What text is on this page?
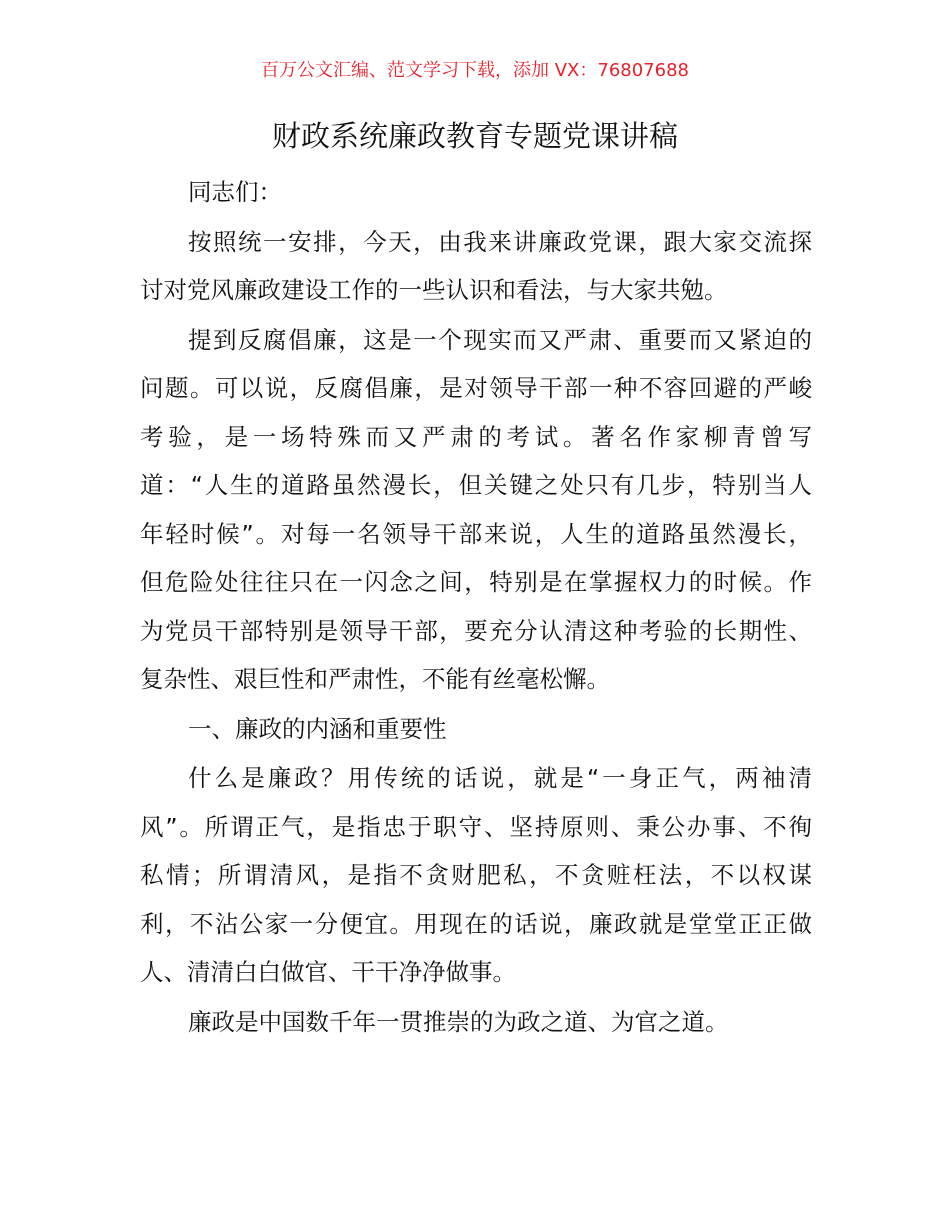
百万公文汇编、范文学习下载，添加 VX：76807688
财政系统廉政教育专题党课讲稿
同志们：
按照统一安排，今天，由我来讲廉政党课，跟大家交流探
讨对党风廉政建设工作的一些认识和看法，与大家共勉。
提到反腐倡廉，这是一个现实而又严肃、重要而又紧迫的
问题。可以说，反腐倡廉，是对领导干部一种不容回避的严峻
考验，是一场特殊而又严肃的考试。著名作家柳青曾写
道：“人生的道路虽然漫长，但关键之处只有几步，特别当人
年轻时候”。对每一名领导干部来说，人生的道路虽然漫长，
但危险处往往只在一闪念之间，特别是在掌握权力的时候。作
为党员干部特别是领导干部，要充分认清这种考验的长期性、
复杂性、艰巨性和严肃性，不能有丝毫松懈。
一、廉政的内涵和重要性
什么是廉政？用传统的话说，就是“一身正气，两袖清
风”。所谓正气，是指忠于职守、坚持原则、秉公办事、不徇
私情；所谓清风，是指不贪财肥私，不贪赃枉法，不以权谋
利，不沾公家一分便宜。用现在的话说，廉政就是堂堂正正做
人、清清白白做官、干干净净做事。
廉政是中国数千年一贯推崇的为政之道、为官之道。
